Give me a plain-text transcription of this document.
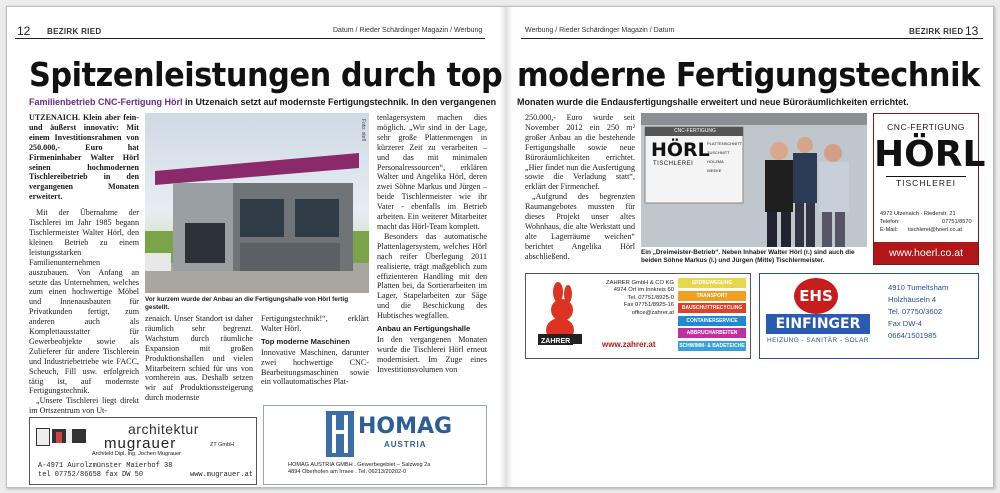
12 BEZIRK RIED	Datum / Rieder Schärdinger Magazin / Werbung	Werbung / Rieder Schärdinger Magazin / Datum	BEZIRK RIED 13
Spitzenleistungen durch top moderne Fertigungstechnik
Familienbetrieb CNC-Fertigung Hörl in Utzenaich setzt auf modernste Fertigungstechnik. In den vergangenen Monaten wurde die Endausfertigungshalle erweitert und neue Büroräumlichkeiten errichtet.

UTZENAICH. Klein aber fein- und äußerst innovativ: Mit einem Investitionsrahmen von 250.000,- Euro hat Firmeninhaber Walter Hörl seinen hochmodernen Tischlereibetrieb in den vergangenen Monaten erweitert.

Mit der Übernahme der Tischlerei im Jahr 1985 begann Tischlermeister Walter Hörl, den kleinen Betrieb zu einem leistungsstarken Familienunternehmen auszubauen. Von Anfang an setzte das Unternehmen, welches zum einen hochwertige Möbel und Innenausbauten für Privatkunden fertigt, zum anderen auch als Komplettausstatter für Gewerbeobjekte sowie als Zulieferer für andere Tischlerein und Industriebetriebe wie FACC, Scheuch, Fill usw. erfolgreich tätig ist, auf modernste Fertigungstechnik.

„Unsere Tischlerei liegt direkt im Ortszentrum von Ut-

Foto: stefl
Vor kurzem wurde der Anbau an die Fertigungshalle von Hörl fertig gestellt.

zenaich. Unser Standort ist daher räumlich sehr begrenzt. Wachstum durch räumliche Expansion mit großen Produktionshallen und vielen Mitarbeitern schied für uns von vornherein aus. Deshalb setzen wir auf Produktionssteigerung durch modernste

Fertigungstechnik!“, erklärt Walter Hörl.

Top moderne Maschinen

Innovative Maschinen, darunter zwei hochwertige CNC-Bearbeitungsmaschinen sowie ein vollautomatisches Plat-

tenlagersystem machen dies möglich. „Wir sind in der Lage, sehr große Plattenmengen in kürzerer Zeit zu verarbeiten – und das mit minimalen Personalressourcen“, erklären Walter und Angelika Hörl, deren zwei Söhne Markus und Jürgen – beide Tischlermeister wie ihr Vater - ebenfalls im Betrieb arbeiten. Ein weiterer Mitarbeiter macht das Hörl-Team komplett.

Besonders das automatische Plattenlagersystem, welches Hörl nach reifer Überlegung 2011 realisierte, trägt maßgeblich zum effizienteren Handling mit den Platten bei, da Sortierarbeiten im Lager, Stapelarbeiten zur Säge und die Beschickung des Hubtisches wegfallen.

Anbau an Fertigungshalle

In den vergangenen Monaten wurde die Tischlerei Hörl erneut modernisiert. Im Zuge eines Investitionsvolumen von

architektur
mugrauer	ZT GmbH
Architekt Dipl. Ing. Jochen Mugrauer
A-4971 Aurolzmünster Maierhof 38
tel 07752/86658 fax DW 50	www.mugrauer.at
HOMAG
AUSTRIA
HOMAG AUSTRIA GMBH . Gewerbegebiet – Salzweg 2a
4894 Oberhofen am Irrsee . Tel. 06213/20202-0

250.000,- Euro wurde seit November 2012 ein 250 m² großer Anbau an die bestehende Fertigungshalle sowie neue Büroräumlichkeiten errichtet. „Hier findet nun die Ausfertigung sowie die Verladung statt“, erklärt der Firmenchef.

„Aufgrund des begrenzten Raumangebotes mussten für dieses Projekt unser altes Wohnhaus, die alte Werkstatt und alte Lagerräume weichen“ berichtet Angelika Hörl abschließend.

CNC-FERTIGUNG
HÖRL
TISCHLEREI
PLATTENSCHNITT
ZUSCHNITT
HOLZMA
WEEKE
Ein „Dreimeister-Betrieb“. Neben Inhaber Walter Hörl (r.) sind auch die beiden Söhne Markus (l.) und Jürgen (Mitte) Tischlermeister.
CNC-FERTIGUNG
HÖRL
TISCHLEREI
4972 Utzenaich · Riederstr. 21
Telefon:	07751/8570
E-Mail: tischlerei@hoerl.co.at
www.hoerl.co.at
ZAHRER
ZAHRER GmbH & CO KG
4974 Ort im Innkreis 60
Tel. 07751/8925-0
Fax 07751/8925-16
office@zahrer.at
www.zahrer.at
ERDBEWEGUNG
TRANSPORT
BAUSCHUTTRECYCLING
CONTAINERSERVICE
ABBRUCHARBEITEN
SCHWIMM- & BADETEICHE
EHS
EINFINGER
HEIZUNG - SANITÄR - SOLAR
4910 Tumeltsham
Holzhäuseln 4
Tel. 07750/3602
Fax DW-4
0664/1501985
